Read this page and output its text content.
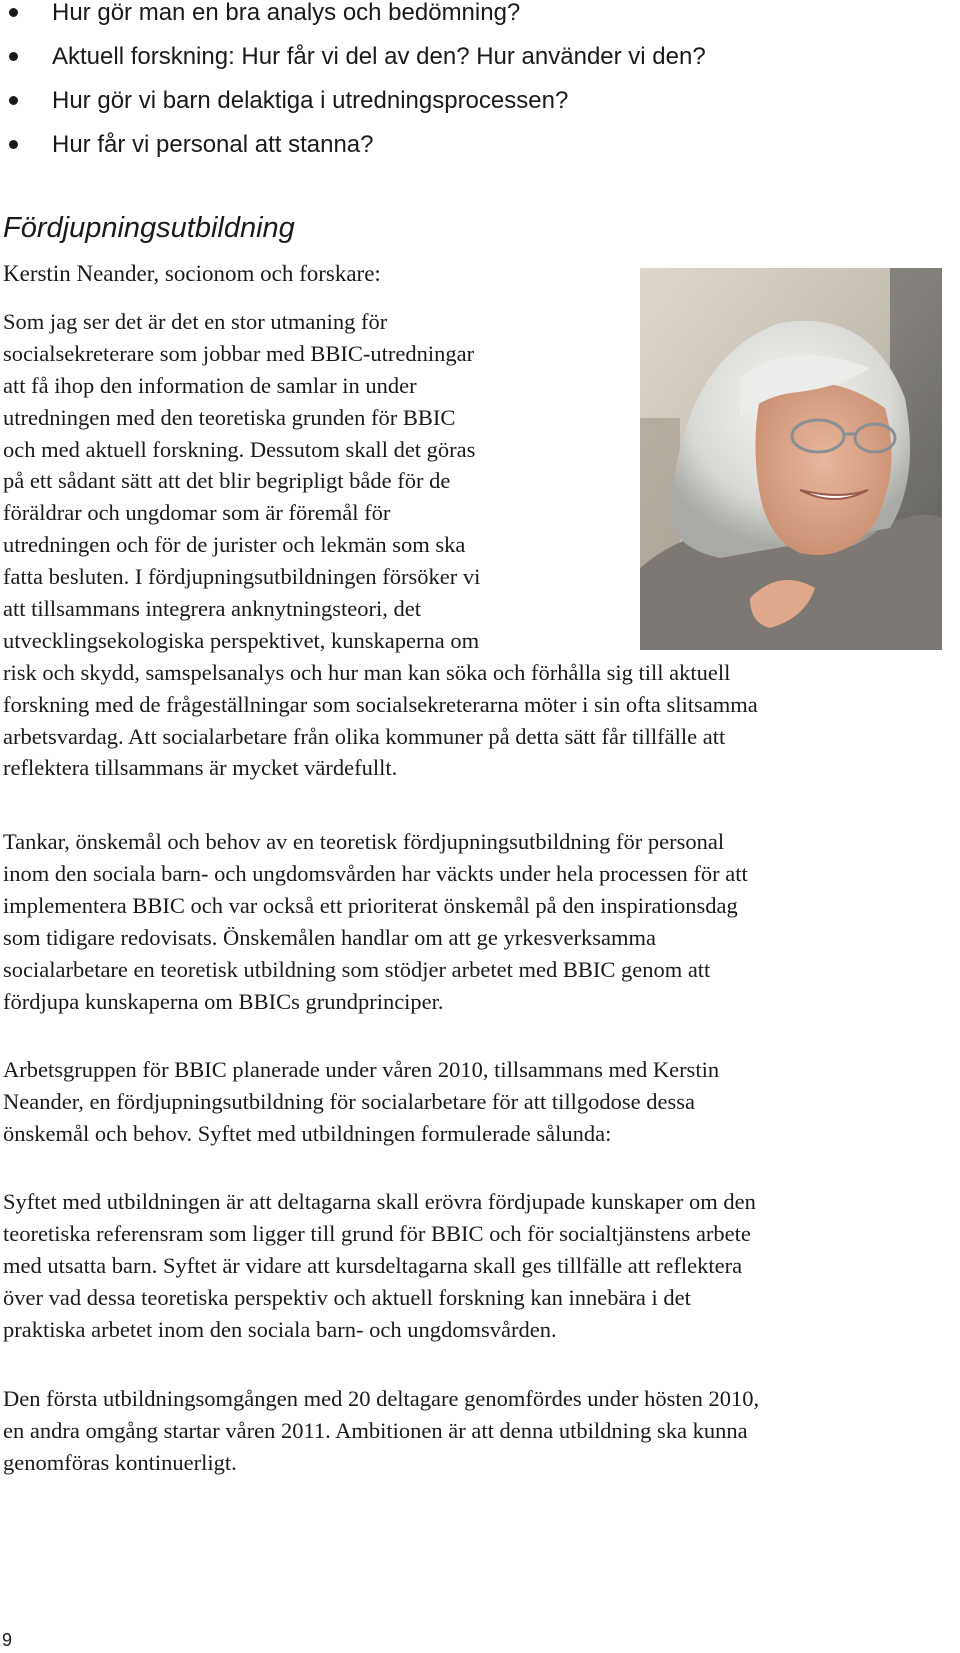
Hur gör man en bra analys och bedömning?
Aktuell forskning: Hur får vi del av den? Hur använder vi den?
Hur gör vi barn delaktiga i utredningsprocessen?
Hur får vi personal att stanna?
Fördjupningsutbildning
Kerstin Neander, socionom och forskare:
Som jag ser det är det en stor utmaning för
socialsekreterare som jobbar med BBIC-utredningar
att få ihop den information de samlar in under
utredningen med den teoretiska grunden för BBIC
och med aktuell forskning. Dessutom skall det göras
på ett sådant sätt att det blir begripligt både för de
föräldrar och ungdomar som är föremål för
utredningen och för de jurister och lekmän som ska
fatta besluten. I fördjupningsutbildningen försöker vi
att tillsammans integrera anknytningsteori, det
utvecklingsekologiska perspektivet, kunskaperna om
risk och skydd, samspelsanalys och hur man kan söka och förhålla sig till aktuell
forskning med de frågeställningar som socialsekreterarna möter i sin ofta slitsamma
arbetsvardag. Att socialarbetare från olika kommuner på detta sätt får tillfälle att
reflektera tillsammans är mycket värdefullt.
Tankar, önskemål och behov av en teoretisk fördjupningsutbildning för personal
inom den sociala barn- och ungdomsvården har väckts under hela processen för att
implementera BBIC och var också ett prioriterat önskemål på den inspirationsdag
som tidigare redovisats. Önskemålen handlar om att ge yrkesverksamma
socialarbetare en teoretisk utbildning som stödjer arbetet med BBIC genom att
fördjupa kunskaperna om BBICs grundprinciper.
Arbetsgruppen för BBIC planerade under våren 2010, tillsammans med Kerstin
Neander, en fördjupningsutbildning för socialarbetare för att tillgodose dessa
önskemål och behov. Syftet med utbildningen formulerade sålunda:
Syftet med utbildningen är att deltagarna skall erövra fördjupade kunskaper om den
teoretiska referensram som ligger till grund för BBIC och för socialtjänstens arbete
med utsatta barn. Syftet är vidare att kursdeltagarna skall ges tillfälle att reflektera
över vad dessa teoretiska perspektiv och aktuell forskning kan innebära i det
praktiska arbetet inom den sociala barn- och ungdomsvården.
Den första utbildningsomgången med 20 deltagare genomfördes under hösten 2010,
en andra omgång startar våren 2011. Ambitionen är att denna utbildning ska kunna
genomföras kontinuerligt.
9
